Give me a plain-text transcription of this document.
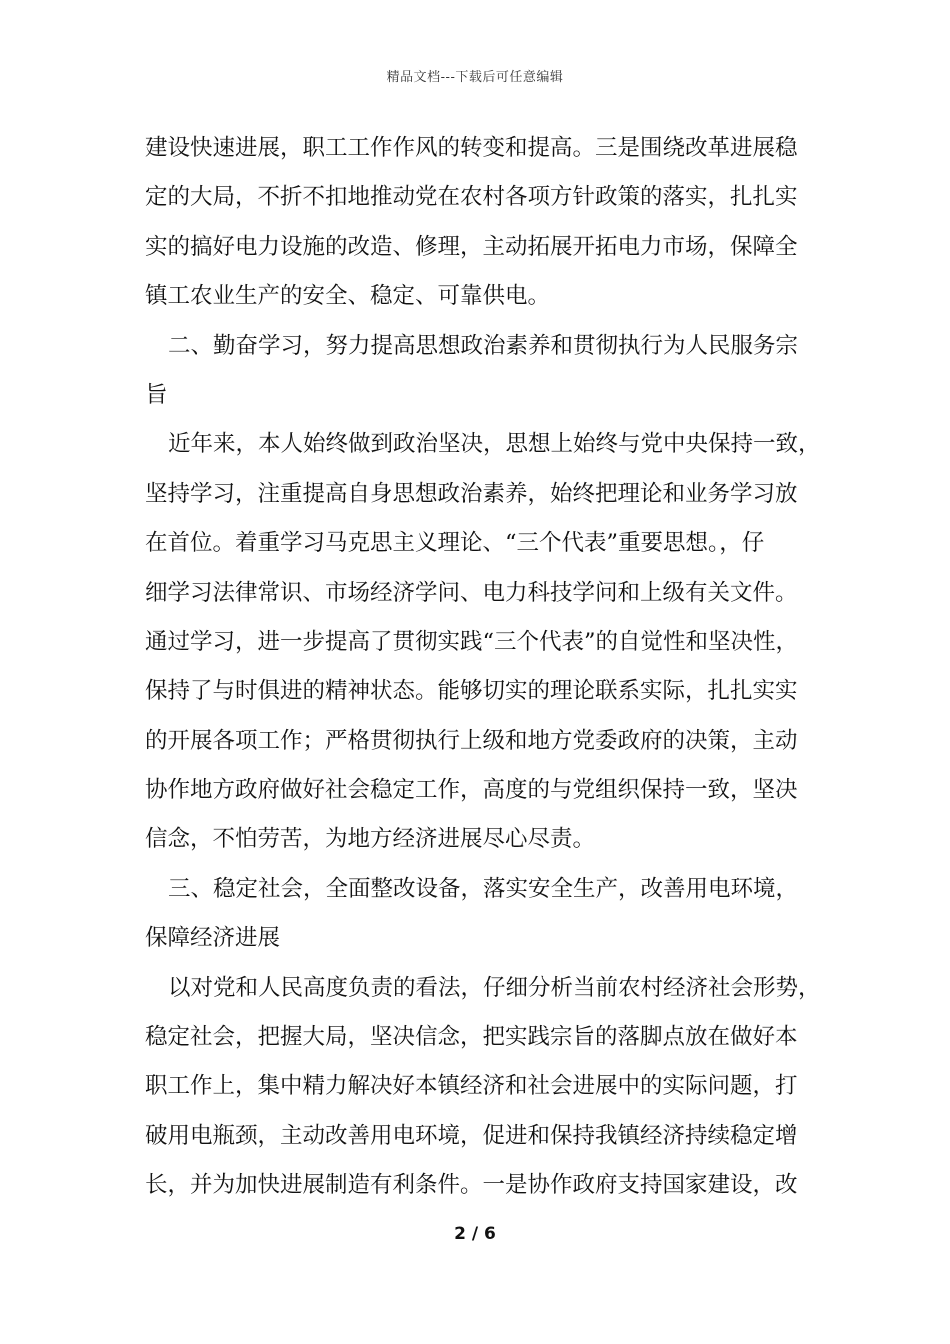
精品文档---下载后可任意编辑
建设快速进展，职工工作作风的转变和提高。三是围绕改革进展稳
定的大局，不折不扣地推动党在农村各项方针政策的落实，扎扎实
实的搞好电力设施的改造、修理，主动拓展开拓电力市场，保障全
镇工农业生产的安全、稳定、可靠供电。
二、勤奋学习，努力提高思想政治素养和贯彻执行为人民服务宗
旨
近年来，本人始终做到政治坚决，思想上始终与党中央保持一致，
坚持学习，注重提高自身思想政治素养，始终把理论和业务学习放
在首位。着重学习马克思主义理论、“三个代表”重要思想。，仔
细学习法律常识、市场经济学问、电力科技学问和上级有关文件。
通过学习，进一步提高了贯彻实践“三个代表”的自觉性和坚决性，
保持了与时俱进的精神状态。能够切实的理论联系实际，扎扎实实
的开展各项工作；严格贯彻执行上级和地方党委政府的决策，主动
协作地方政府做好社会稳定工作，高度的与党组织保持一致，坚决
信念，不怕劳苦，为地方经济进展尽心尽责。
三、稳定社会，全面整改设备，落实安全生产，改善用电环境，
保障经济进展
以对党和人民高度负责的看法，仔细分析当前农村经济社会形势，
稳定社会，把握大局，坚决信念，把实践宗旨的落脚点放在做好本
职工作上，集中精力解决好本镇经济和社会进展中的实际问题，打
破用电瓶颈，主动改善用电环境，促进和保持我镇经济持续稳定增
长，并为加快进展制造有利条件。一是协作政府支持国家建设，改
2 / 6
